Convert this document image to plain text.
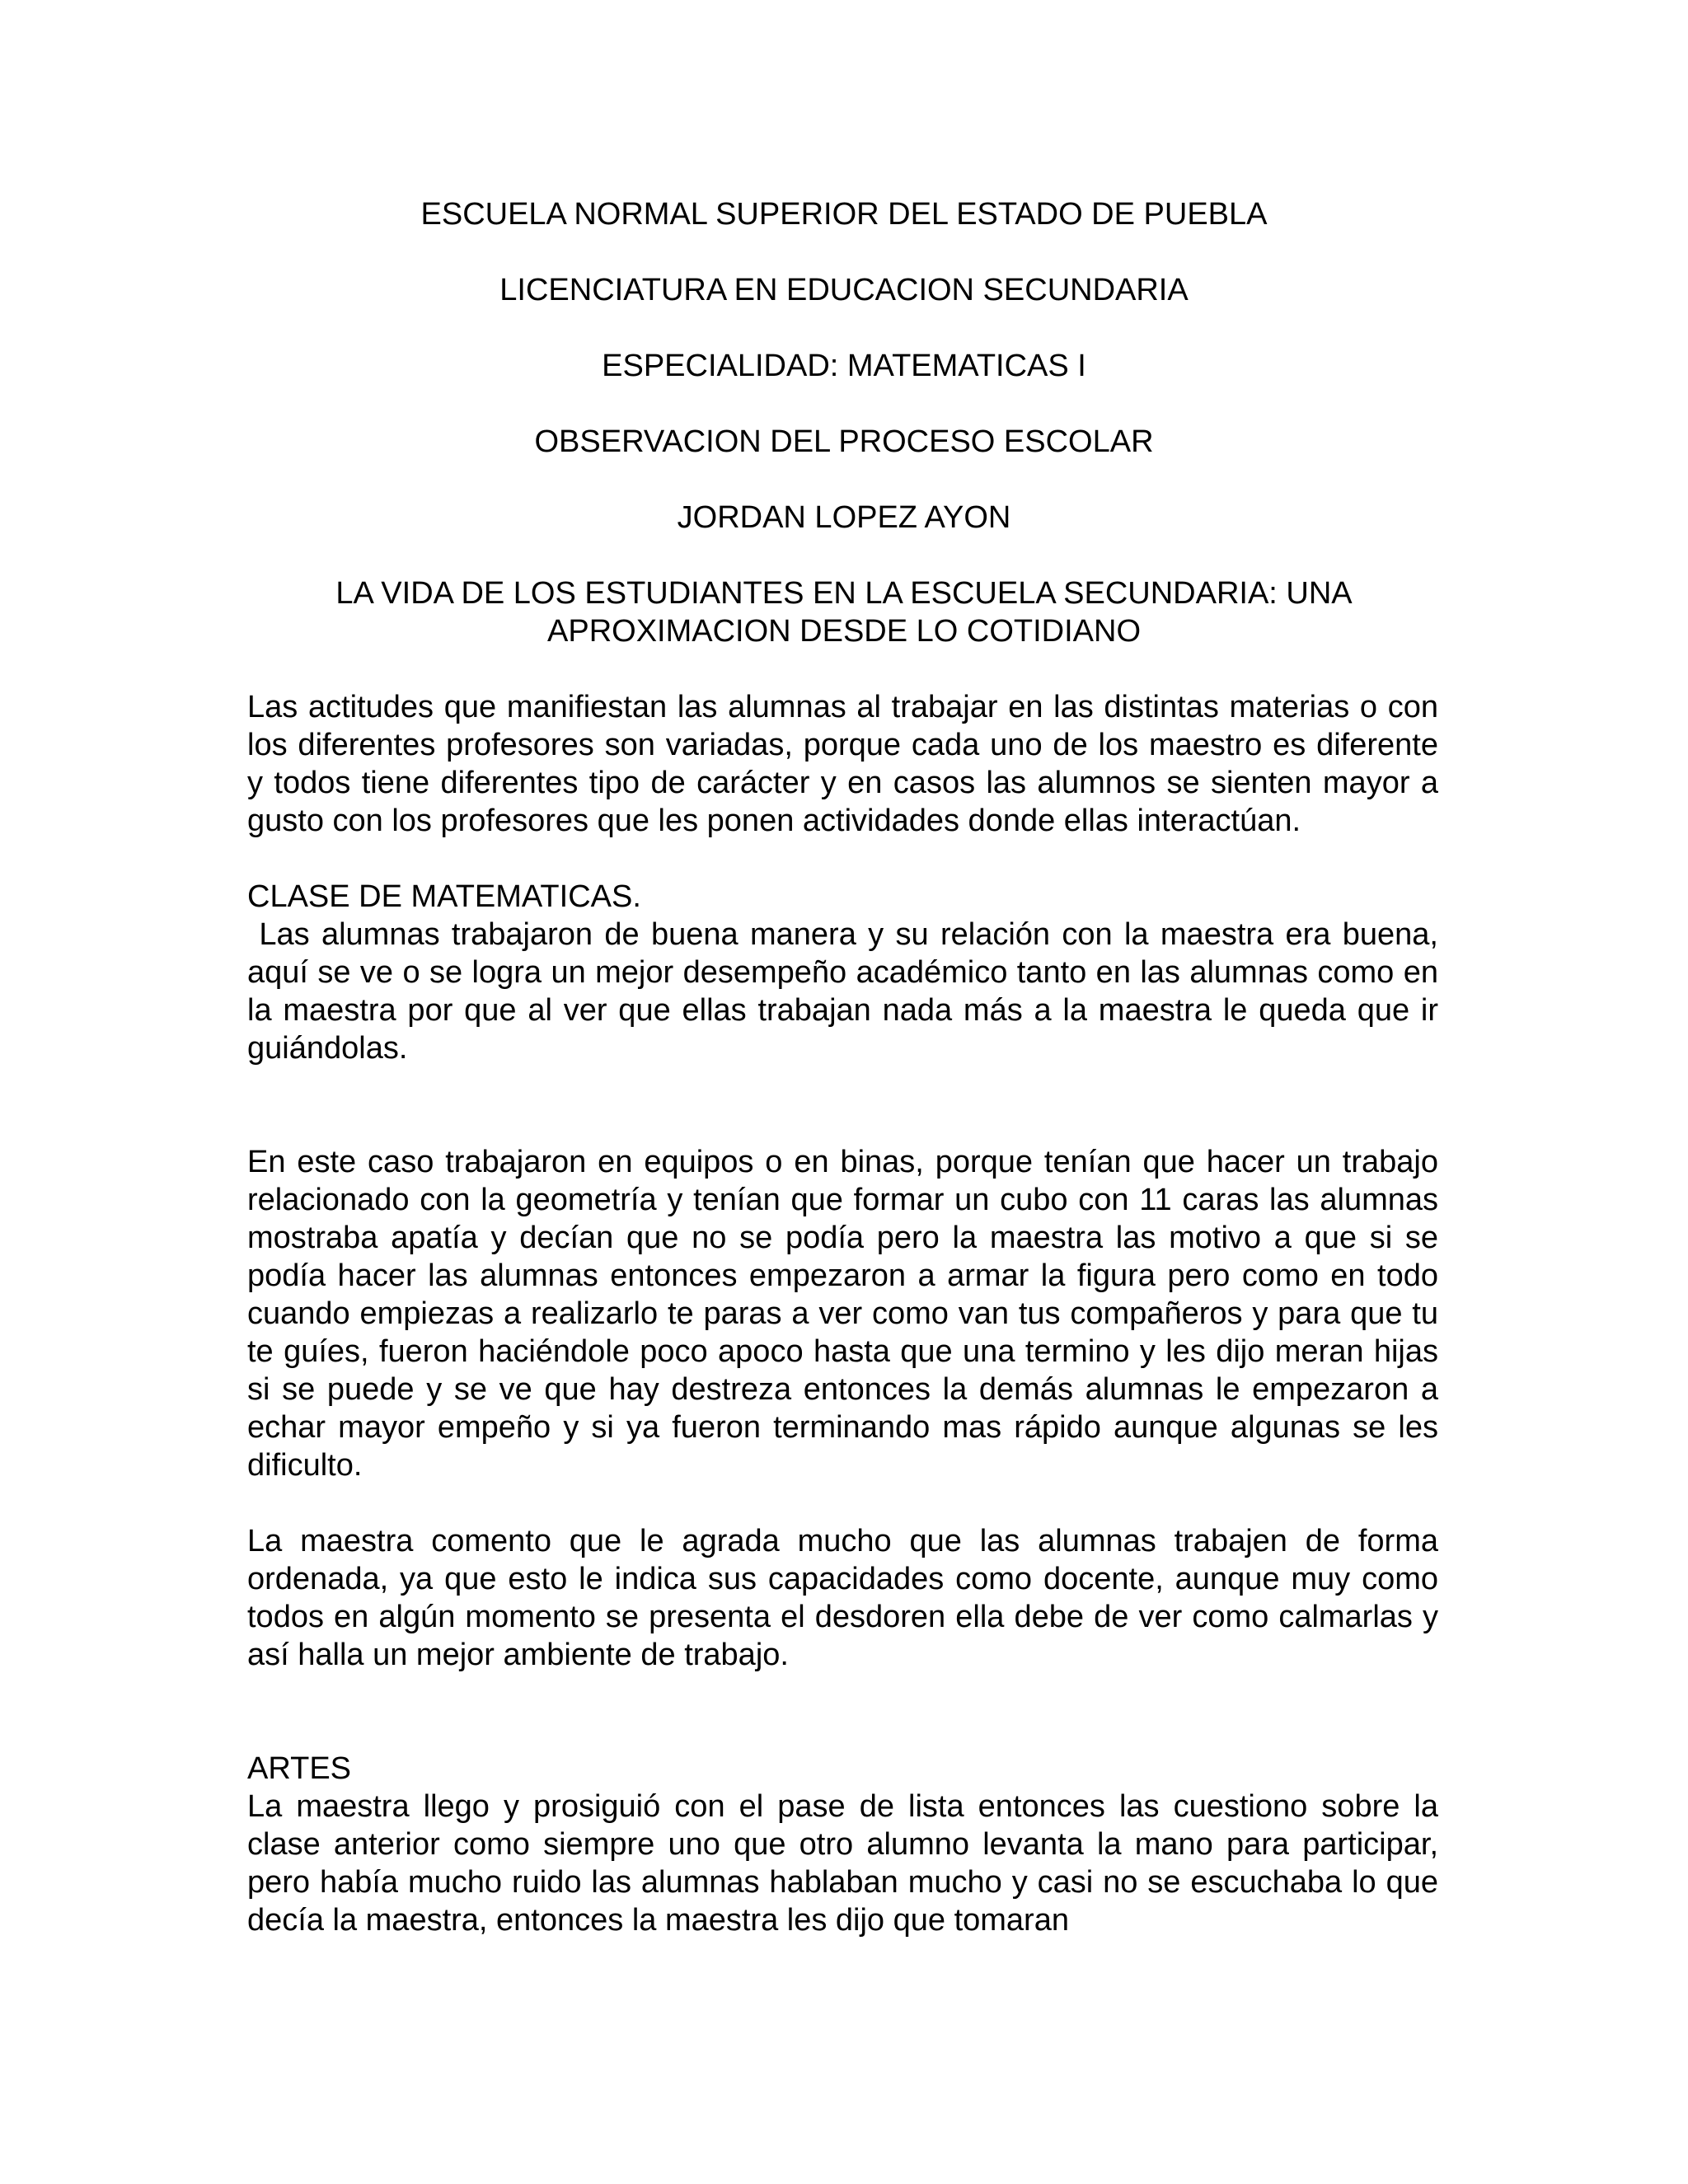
ESCUELA NORMAL SUPERIOR DEL ESTADO DE PUEBLA
LICENCIATURA EN EDUCACION SECUNDARIA
ESPECIALIDAD: MATEMATICAS I
OBSERVACION DEL PROCESO ESCOLAR
JORDAN LOPEZ AYON
LA VIDA DE LOS ESTUDIANTES EN LA ESCUELA SECUNDARIA: UNA APROXIMACION DESDE LO COTIDIANO

Las actitudes que manifiestan las alumnas al trabajar en las distintas materias o con los diferentes profesores son variadas, porque cada uno de los maestro es diferente y todos tiene diferentes tipo de carácter y en casos las alumnos se sienten mayor a gusto con los profesores que les ponen actividades donde ellas interactúan.

CLASE DE MATEMATICAS.

Las alumnas trabajaron de buena manera y su relación con la maestra era buena, aquí se ve o se logra un mejor desempeño académico tanto en las alumnas como en la maestra por que al ver que ellas trabajan nada más a la maestra le queda que ir guiándolas.

En este caso trabajaron en equipos o en binas, porque tenían que hacer un trabajo relacionado con la geometría y tenían que formar un cubo con 11 caras las alumnas mostraba apatía y decían que no se podía pero la maestra las motivo a que si se podía hacer las alumnas entonces empezaron a armar la figura pero como en todo cuando empiezas a realizarlo te paras a ver como van tus compañeros y para que tu te guíes, fueron haciéndole poco apoco hasta que una termino y les dijo meran hijas si se puede y se ve que hay destreza entonces la demás alumnas le empezaron a echar mayor empeño y si ya fueron terminando mas rápido aunque algunas se les dificulto.

La maestra comento que le agrada mucho que las alumnas trabajen de forma ordenada, ya que esto le indica sus capacidades como docente, aunque muy como todos en algún momento se presenta el desdoren ella debe de ver como calmarlas y así halla un mejor ambiente de trabajo.

ARTES

La maestra llego y prosiguió con el pase de lista entonces las cuestiono sobre la clase anterior como siempre uno que otro alumno levanta la mano para participar, pero había mucho ruido las alumnas hablaban mucho y casi no se escuchaba lo que decía la maestra, entonces la maestra les dijo que tomaran
